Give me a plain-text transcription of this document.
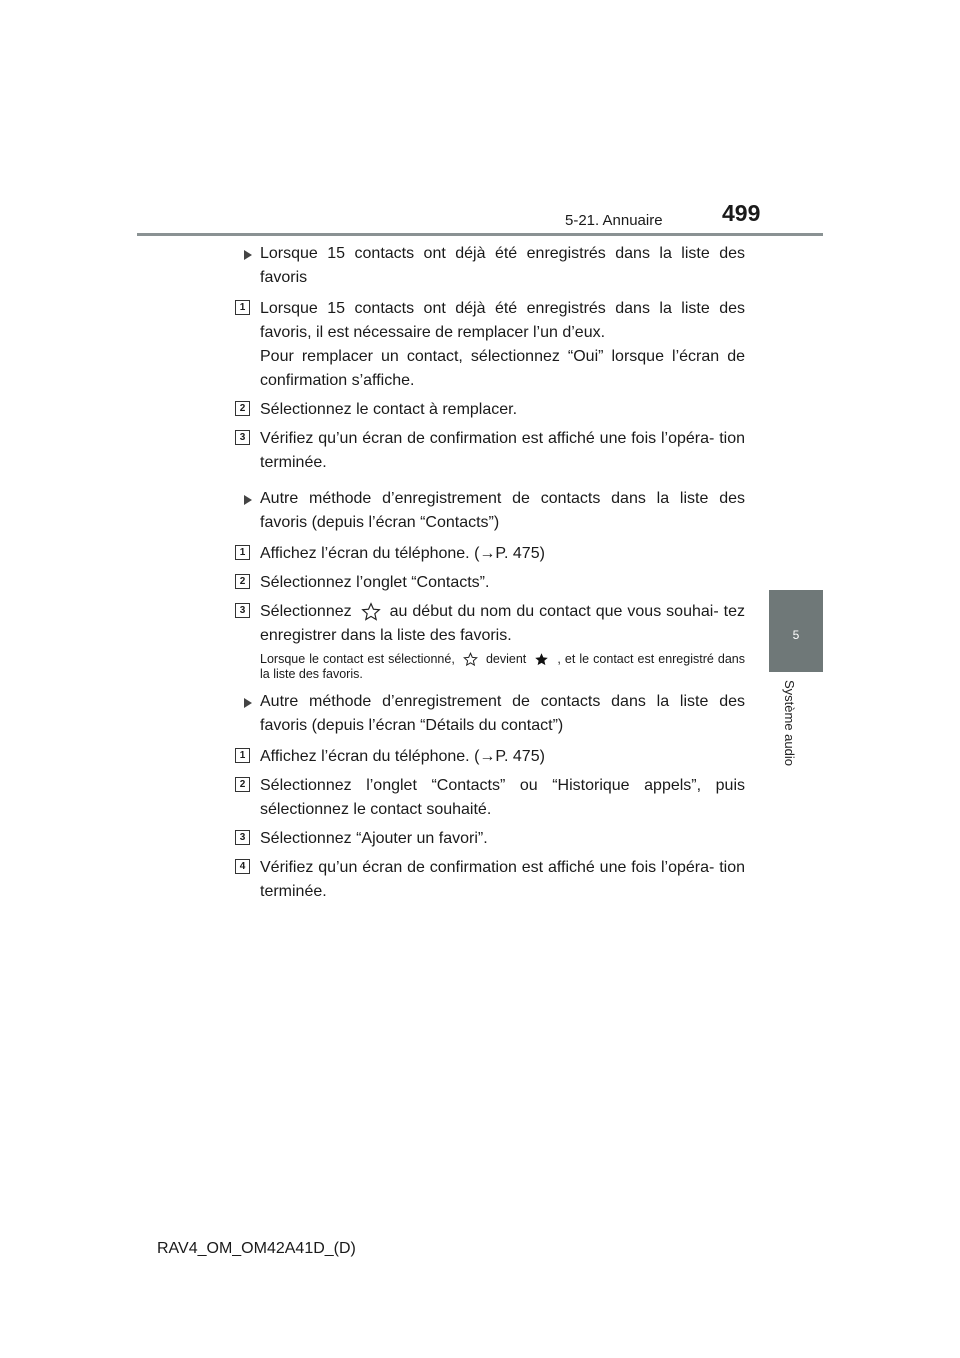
5-21. Annuaire	499
5
Système audio
Lorsque 15 contacts ont déjà été enregistrés dans la liste des favoris
1 Lorsque 15 contacts ont déjà été enregistrés dans la liste des favoris, il est nécessaire de remplacer l’un d’eux.
Pour remplacer un contact, sélectionnez “Oui” lorsque l’écran de confirmation s’affiche.
2 Sélectionnez le contact à remplacer.
3 Vérifiez qu’un écran de confirmation est affiché une fois l’opéra- tion terminée.
Autre méthode d’enregistrement de contacts dans la liste des favoris (depuis l’écran “Contacts”)
1 Affichez l’écran du téléphone. (→P. 475)
2 Sélectionnez l’onglet “Contacts”.
3 Sélectionnez au début du nom du contact que vous souhai- tez enregistrer dans la liste des favoris.
Lorsque le contact est sélectionné, devient , et le contact est enregistré dans la liste des favoris.
Autre méthode d’enregistrement de contacts dans la liste des favoris (depuis l’écran “Détails du contact”)
1 Affichez l’écran du téléphone. (→P. 475)
2 Sélectionnez l’onglet “Contacts” ou “Historique appels”, puis sélectionnez le contact souhaité.
3 Sélectionnez “Ajouter un favori”.
4 Vérifiez qu’un écran de confirmation est affiché une fois l’opéra- tion terminée.
RAV4_OM_OM42A41D_(D)
